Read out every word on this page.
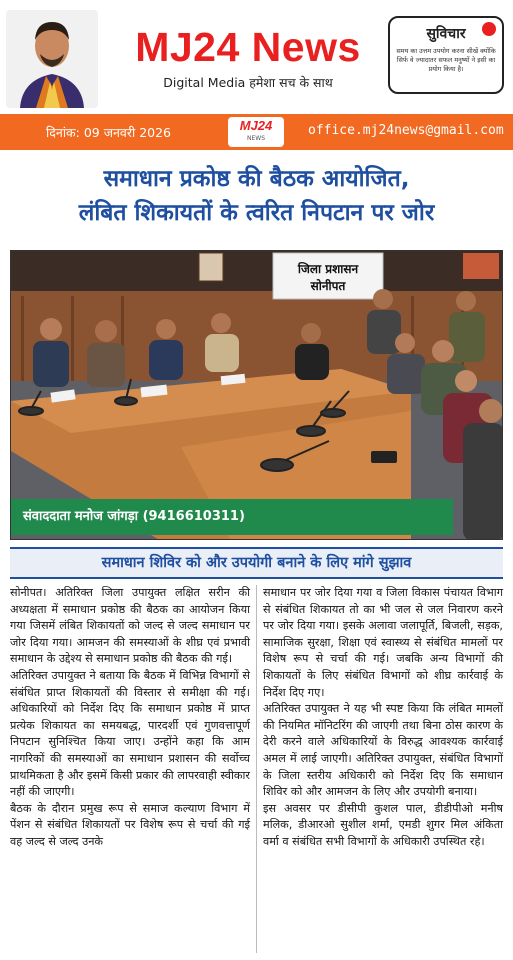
MJ24 News
Digital Media हमेशा सच के साथ
सुविचार
समय का उत्तम उपयोग करना सीखें क्योंकि सिर्फ वे ज्यादातर सफल मनुष्यों ने इसी का प्रयोग किया है।
दिनांक: 09 जनवरी 2026	MJ24
NEWS
office.mj24news@gmail.com
समाधान प्रकोष्ठ की बैठक आयोजित,
लंबित शिकायतों के त्वरित निपटान पर जोर
जिला प्रशासन
सोनीपत
संवाददाता मनोज जांगड़ा (9416610311)
समाधान शिविर को और उपयोगी बनाने के लिए मांगे सुझाव

सोनीपत। अतिरिक्त जिला उपायुक्त लक्षित सरीन की अध्यक्षता में समाधान प्रकोष्ठ की बैठक का आयोजन किया गया जिसमें लंबित शिकायतों को जल्द से जल्द समाधान पर जोर दिया गया। आमजन की समस्याओं के शीघ्र एवं प्रभावी समाधान के उद्देश्य से समाधान प्रकोष्ठ की बैठक की गई।

अतिरिक्त उपायुक्त ने बताया कि बैठक में विभिन्न विभागों से संबंधित प्राप्त शिकायतों की विस्तार से समीक्षा की गई। अधिकारियों को निर्देश दिए कि समाधान प्रकोष्ठ में प्राप्त प्रत्येक शिकायत का समयबद्ध, पारदर्शी एवं गुणवत्तापूर्ण निपटान सुनिश्चित किया जाए। उन्होंने कहा कि आम नागरिकों की समस्याओं का समाधान प्रशासन की सर्वोच्च प्राथमिकता है और इसमें किसी प्रकार की लापरवाही स्वीकार नहीं की जाएगी।

बैठक के दौरान प्रमुख रूप से समाज कल्याण विभाग में पेंशन से संबंधित शिकायतों पर विशेष रूप से चर्चा की गई वह जल्द से जल्द उनके

समाधान पर जोर दिया गया व जिला विकास पंचायत विभाग से संबंधित शिकायत तो का भी जल से जल निवारण करने पर जोर दिया गया। इसके अलावा जलापूर्ति, बिजली, सड़क, सामाजिक सुरक्षा, शिक्षा एवं स्वास्थ्य से संबंधित मामलों पर विशेष रूप से चर्चा की गई। जबकि अन्य विभागों की शिकायतों के लिए संबंधित विभागों को शीघ्र कार्रवाई के निर्देश दिए गए।

अतिरिक्त उपायुक्त ने यह भी स्पष्ट किया कि लंबित मामलों की नियमित मॉनिटरिंग की जाएगी तथा बिना ठोस कारण के देरी करने वाले अधिकारियों के विरुद्ध आवश्यक कार्रवाई अमल में लाई जाएगी। अतिरिक्त उपायुक्त, संबंधित विभागों के जिला स्तरीय अधिकारी को निर्देश दिए कि समाधान शिविर को और आमजन के लिए और उपयोगी बनाया।

इस अवसर पर डीसीपी कुशल पाल, डीडीपीओ मनीष मलिक, डीआरओ सुशील शर्मा, एमडी शुगर मिल अंकिता वर्मा व संबंधित सभी विभागों के अधिकारी उपस्थित रहे।
